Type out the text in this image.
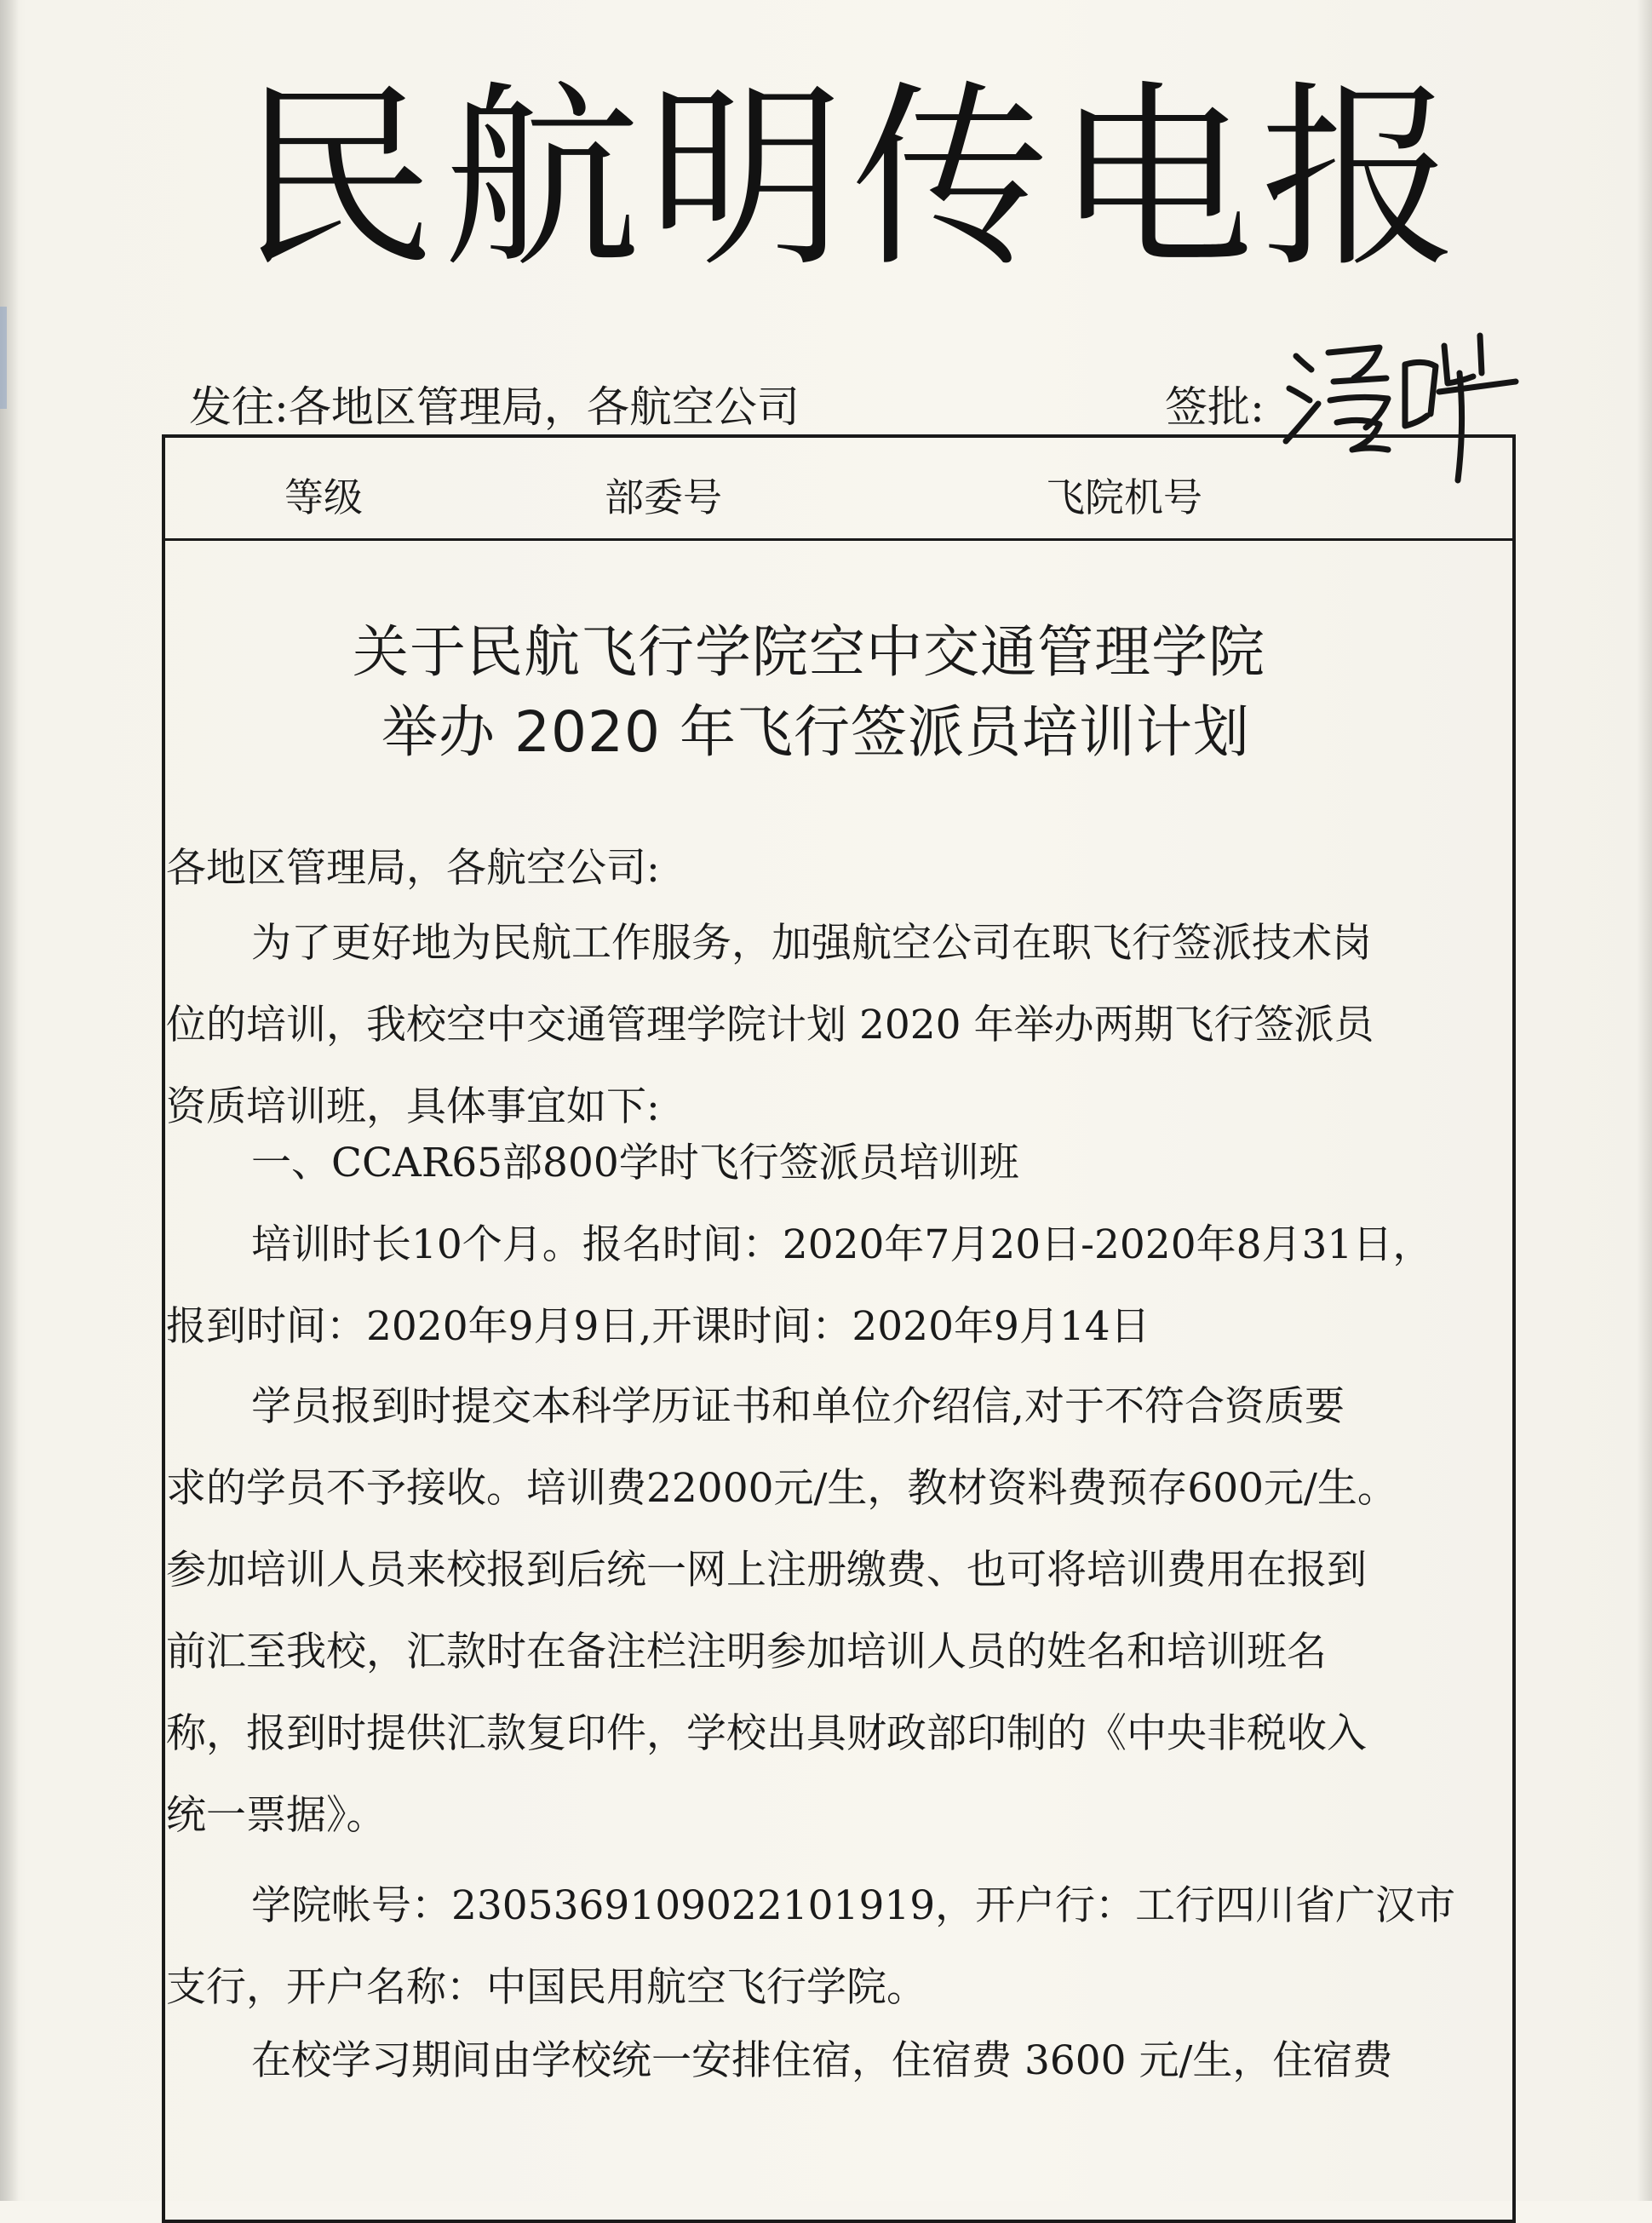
民航明传电报
发往:各地区管理局，各航空公司	签批:
等级	部委号	飞院机号
关于民航飞行学院空中交通管理学院
举办 2020 年飞行签派员培训计划
各地区管理局，各航空公司:
为了更好地为民航工作服务，加强航空公司在职飞行签派技术岗
位的培训，我校空中交通管理学院计划 2020 年举办两期飞行签派员
资质培训班，具体事宜如下:
一、CCAR65部800学时飞行签派员培训班
培训时长10个月。报名时间：2020年7月20日-2020年8月31日，
报到时间：2020年9月9日,开课时间：2020年9月14日
学员报到时提交本科学历证书和单位介绍信,对于不符合资质要
求的学员不予接收。培训费22000元/生，教材资料费预存600元/生。
参加培训人员来校报到后统一网上注册缴费、也可将培训费用在报到
前汇至我校，汇款时在备注栏注明参加培训人员的姓名和培训班名
称，报到时提供汇款复印件，学校出具财政部印制的《中央非税收入
统一票据》。
学院帐号：2305369109022101919，开户行：工行四川省广汉市
支行，开户名称：中国民用航空飞行学院。
在校学习期间由学校统一安排住宿，住宿费 3600 元/生，住宿费
